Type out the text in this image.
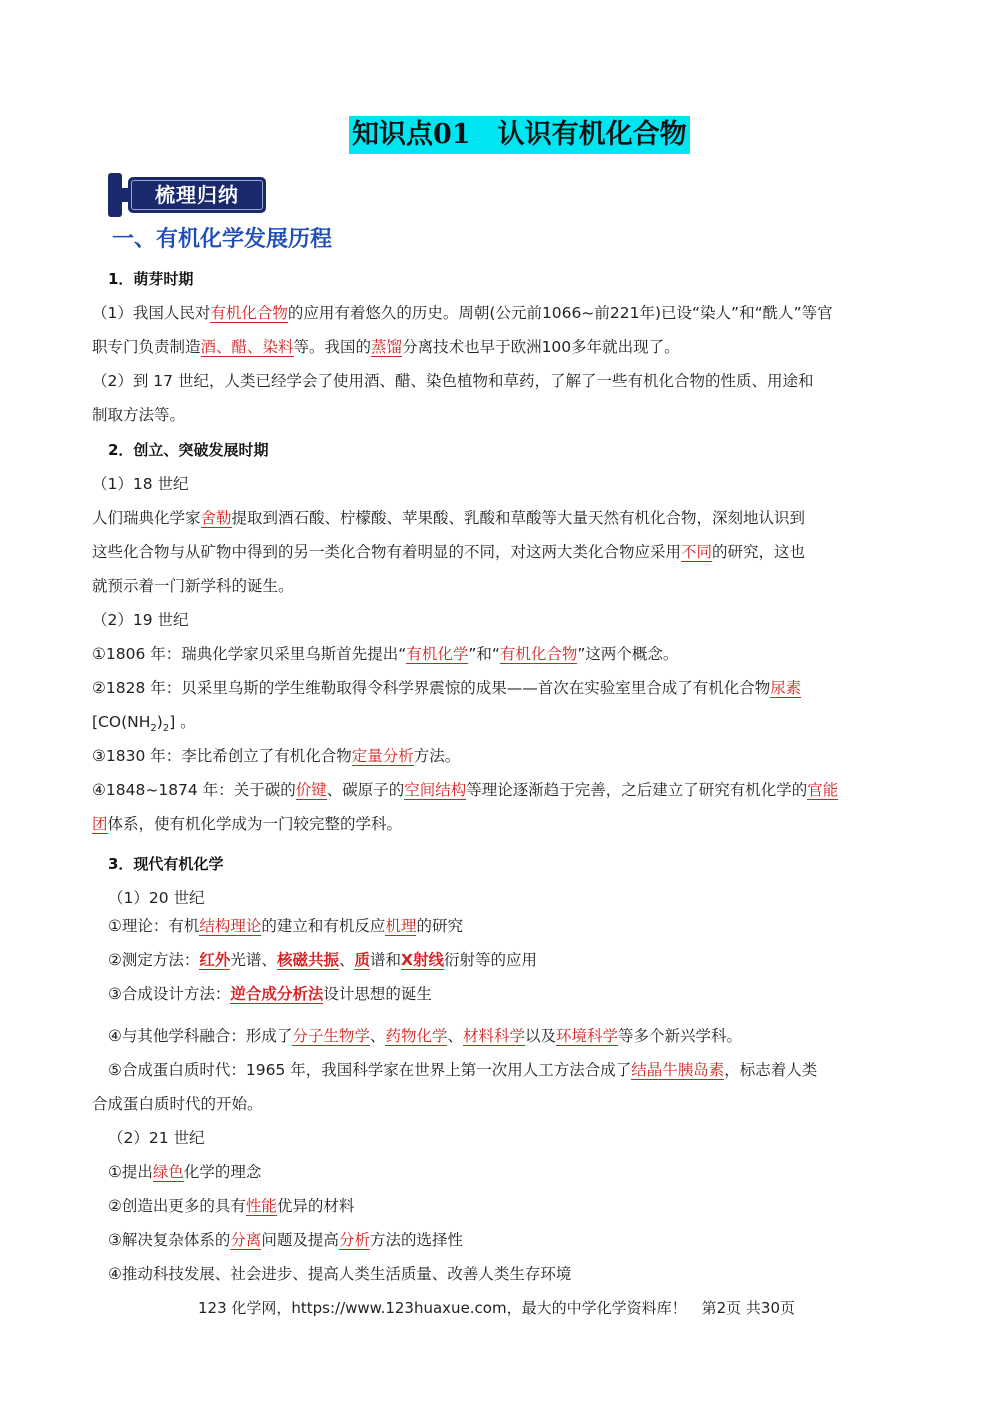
知识点01　认识有机化合物
梳理归纳
一、有机化学发展历程
1．萌芽时期
（1）我国人民对有机化合物的应用有着悠久的历史。周朝(公元前1066~前221年)已设“染人”和“酰人”等官
职专门负责制造酒、醋、染料等。我国的蒸馏分离技术也早于欧洲100多年就出现了。
（2）到 17 世纪，人类已经学会了使用酒、醋、染色植物和草药，了解了一些有机化合物的性质、用途和
制取方法等。
2．创立、突破发展时期
（1）18 世纪
人们瑞典化学家舍勒提取到酒石酸、柠檬酸、苹果酸、乳酸和草酸等大量天然有机化合物，深刻地认识到
这些化合物与从矿物中得到的另一类化合物有着明显的不同，对这两大类化合物应采用不同的研究，这也
就预示着一门新学科的诞生。
（2）19 世纪
①1806 年：瑞典化学家贝采里乌斯首先提出“有机化学”和“有机化合物”这两个概念。
②1828 年：贝采里乌斯的学生维勒取得令科学界震惊的成果——首次在实验室里合成了有机化合物尿素
$[CO(NH_2)_2]$ 。
③1830 年：李比希创立了有机化合物定量分析方法。
④1848~1874 年：关于碳的价键、碳原子的空间结构等理论逐渐趋于完善，之后建立了研究有机化学的官能
团体系，使有机化学成为一门较完整的学科。
3．现代有机化学
（1）20 世纪
①理论：有机结构理论的建立和有机反应机理的研究
②测定方法：红外光谱、核磁共振、质谱和X射线衍射等的应用
③合成设计方法：逆合成分析法设计思想的诞生
④与其他学科融合：形成了分子生物学、药物化学、材料科学以及环境科学等多个新兴学科。
⑤合成蛋白质时代：1965 年，我国科学家在世界上第一次用人工方法合成了结晶牛胰岛素，标志着人类
合成蛋白质时代的开始。
（2）21 世纪
①提出绿色化学的理念
②创造出更多的具有性能优异的材料
③解决复杂体系的分离问题及提高分析方法的选择性
④推动科技发展、社会进步、提高人类生活质量、改善人类生存环境
123 化学网，https://www.123huaxue.com，最大的中学化学资料库！　第2页 共30页
